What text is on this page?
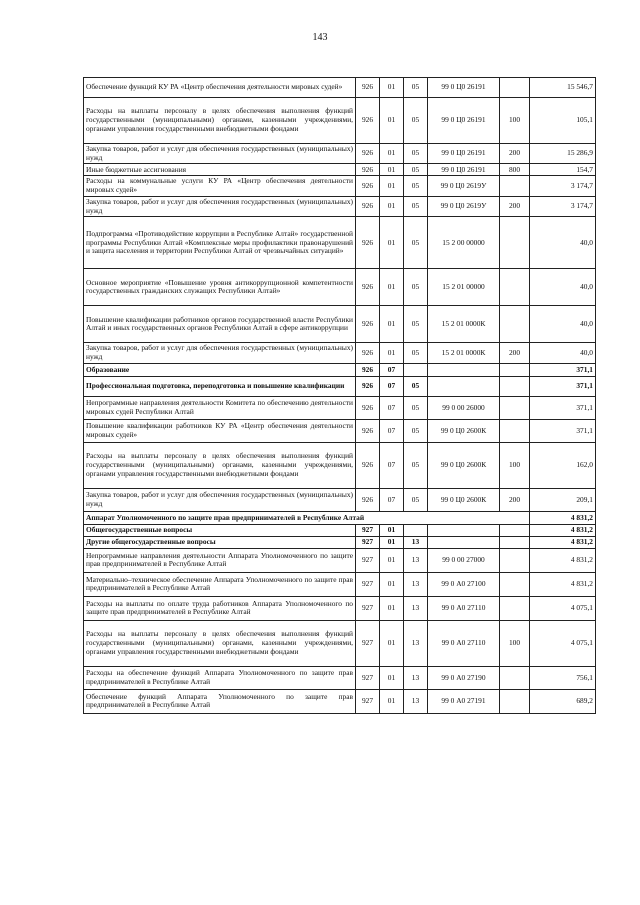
143
Обеспечение функций КУ РА «Центр обеспечения деятельности мировых судей»	926	01	05	99 0 Ц0 26191		15 546,7
Расходы на выплаты персоналу в целях обеспечения выполнения функций государственными (муниципальными) органами, казенными учреждениями, органами управления государственными внебюджетными фондами	926	01	05	99 0 Ц0 26191	100	105,1
Закупка товаров, работ и услуг для обеспечения государственных (муниципальных) нужд	926	01	05	99 0 Ц0 26191	200	15 286,9
Иные бюджетные ассигнования	926	01	05	99 0 Ц0 26191	800	154,7
Расходы на коммунальные услуги КУ РА «Центр обеспечения деятельности мировых судей»	926	01	05	99 0 Ц0 2619У		3 174,7
Закупка товаров, работ и услуг для обеспечения государственных (муниципальных) нужд	926	01	05	99 0 Ц0 2619У	200	3 174,7
Подпрограмма «Противодействие коррупции в Республике Алтай» государственной программы Республики Алтай «Комплексные меры профилактики правонарушений и защита населения и территории Республики Алтай от чрезвычайных ситуаций»	926	01	05	15 2 00 00000		40,0
Основное мероприятие «Повышение уровня антикоррупционной компетентности государственных гражданских служащих Республики Алтай»	926	01	05	15 2 01 00000		40,0
Повышение квалификации работников органов государственной власти Республики Алтай и иных государственных органов Республики Алтай в сфере антикоррупции	926	01	05	15 2 01 0000К		40,0
Закупка товаров, работ и услуг для обеспечения государственных (муниципальных) нужд	926	01	05	15 2 01 0000К	200	40,0
Образование	926	07				371,1
Профессиональная подготовка, переподготовка и повышение квалификации	926	07	05			371,1
Непрограммные направления деятельности Комитета по обеспечению деятельности мировых судей Республики Алтай	926	07	05	99 0 00 26000		371,1
Повышение квалификации работников КУ РА «Центр обеспечения деятельности мировых судей»	926	07	05	99 0 Ц0 2600К		371,1
Расходы на выплаты персоналу в целях обеспечения выполнения функций государственными (муниципальными) органами, казенными учреждениями, органами управления государственными внебюджетными фондами	926	07	05	99 0 Ц0 2600К	100	162,0
Закупка товаров, работ и услуг для обеспечения государственных (муниципальных) нужд	926	07	05	99 0 Ц0 2600К	200	209,1
Аппарат Уполномоченного по защите прав предпринимателей в Республике Алтай						4 831,2
Общегосударственные вопросы	927	01				4 831,2
Другие общегосударственные вопросы	927	01	13			4 831,2
Непрограммные направления деятельности Аппарата Уполномоченного по защите прав предпринимателей в Республике Алтай	927	01	13	99 0 00 27000		4 831,2
Материально–техническое обеспечение Аппарата Уполномоченного по защите прав предпринимателей в Республике Алтай	927	01	13	99 0 А0 27100		4 831,2
Расходы на выплаты по оплате труда работников Аппарата Уполномоченного по защите прав предпринимателей в Республике Алтай	927	01	13	99 0 А0 27110		4 075,1
Расходы на выплаты персоналу в целях обеспечения выполнения функций государственными (муниципальными) органами, казенными учреждениями, органами управления государственными внебюджетными фондами	927	01	13	99 0 А0 27110	100	4 075,1
Расходы на обеспечение функций Аппарата Уполномоченного по защите прав предпринимателей в Республике Алтай	927	01	13	99 0 А0 27190		756,1
Обеспечение функций Аппарата Уполномоченного по защите прав предпринимателей в Республике Алтай	927	01	13	99 0 А0 27191		689,2
